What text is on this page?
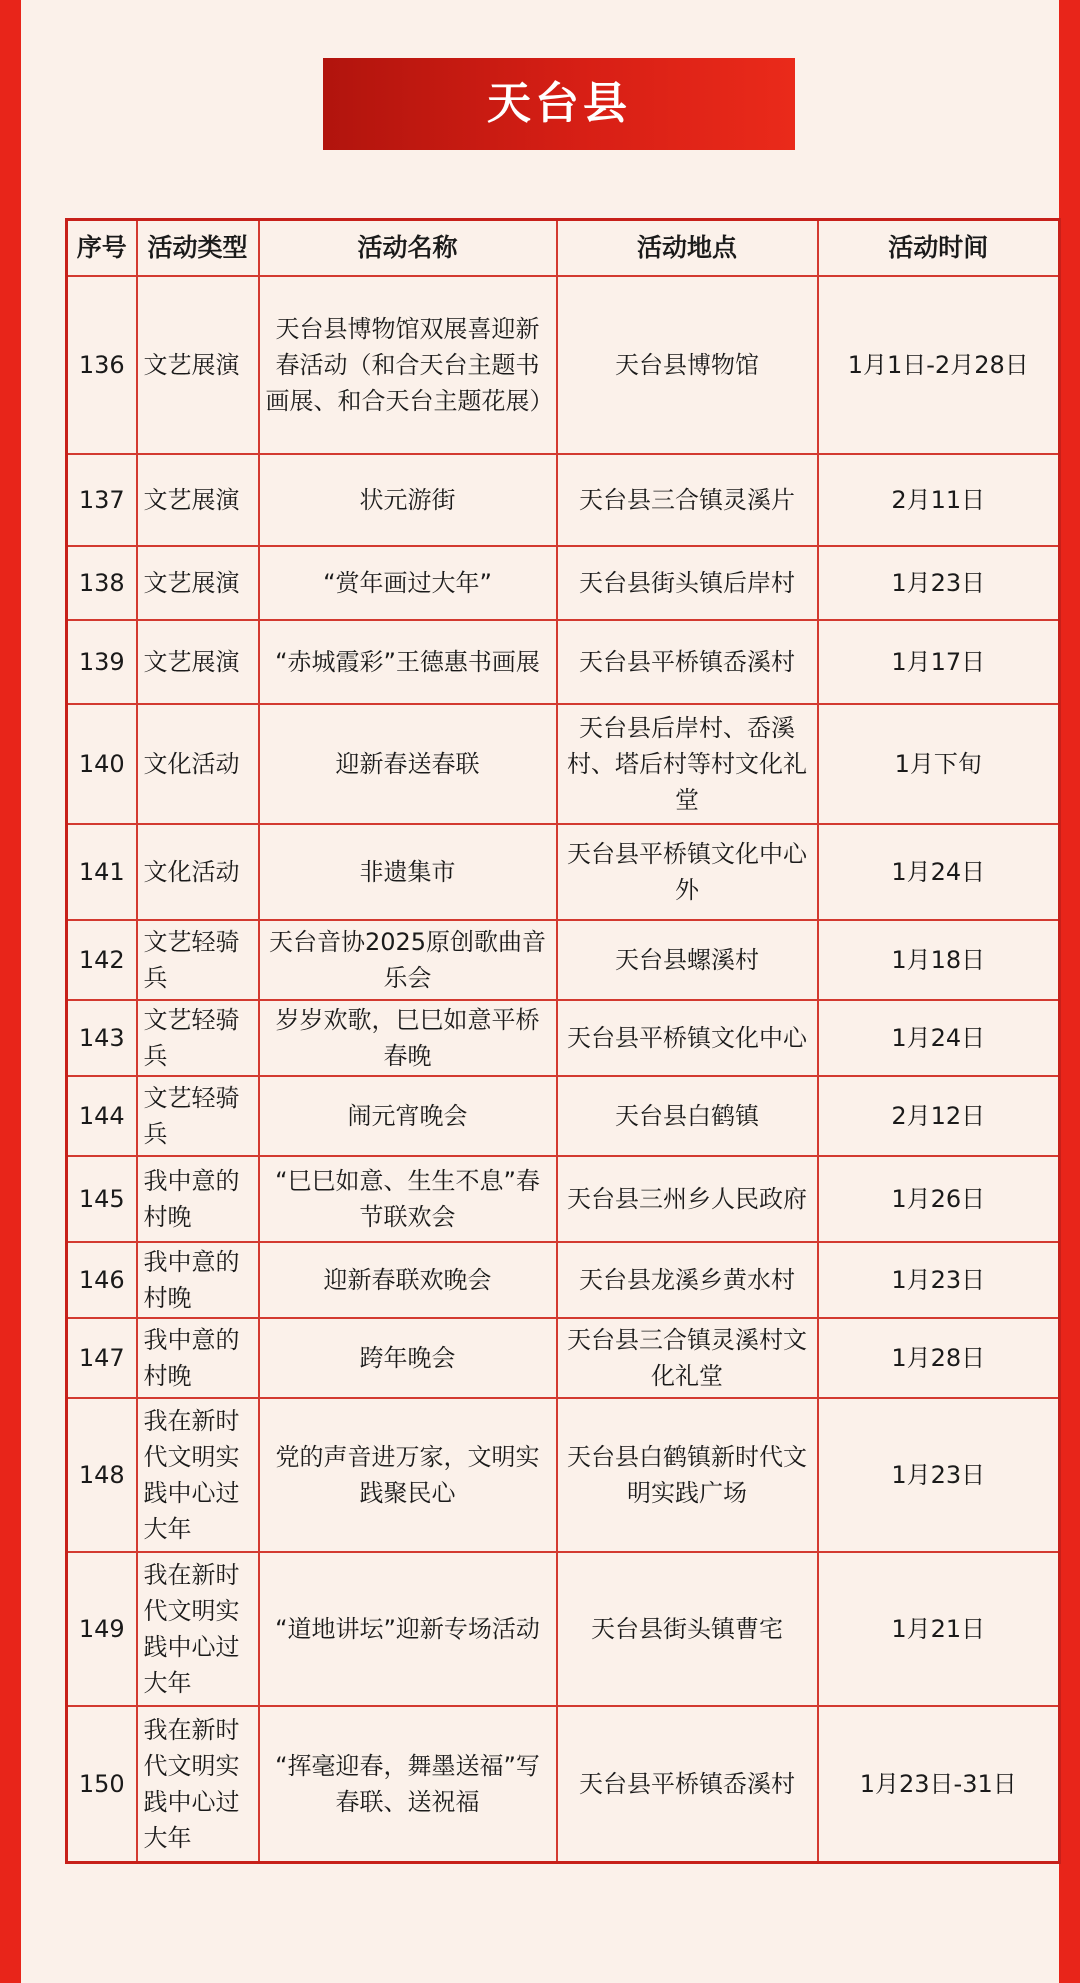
天台县
序号	活动类型	活动名称	活动地点	活动时间
136	文艺展演	天台县博物馆双展喜迎新春活动（和合天台主题书画展、和合天台主题花展）	天台县博物馆	1月1日-2月28日
137	文艺展演	状元游街	天台县三合镇灵溪片	2月11日
138	文艺展演	“赏年画过大年”	天台县街头镇后岸村	1月23日
139	文艺展演	“赤城霞彩”王德惠书画展	天台县平桥镇岙溪村	1月17日
140	文化活动	迎新春送春联	天台县后岸村、岙溪村、塔后村等村文化礼堂	1月下旬
141	文化活动	非遗集市	天台县平桥镇文化中心外	1月24日
142	文艺轻骑兵	天台音协2025原创歌曲音乐会	天台县螺溪村	1月18日
143	文艺轻骑兵	岁岁欢歌，巳巳如意平桥春晚	天台县平桥镇文化中心	1月24日
144	文艺轻骑兵	闹元宵晚会	天台县白鹤镇	2月12日
145	我中意的村晚	“巳巳如意、生生不息”春节联欢会	天台县三州乡人民政府	1月26日
146	我中意的村晚	迎新春联欢晚会	天台县龙溪乡黄水村	1月23日
147	我中意的村晚	跨年晚会	天台县三合镇灵溪村文化礼堂	1月28日
148	我在新时代文明实践中心过大年	党的声音进万家，文明实践聚民心	天台县白鹤镇新时代文明实践广场	1月23日
149	我在新时代文明实践中心过大年	“道地讲坛”迎新专场活动	天台县街头镇曹宅	1月21日
150	我在新时代文明实践中心过大年	“挥毫迎春，舞墨送福”写春联、送祝福	天台县平桥镇岙溪村	1月23日-31日
